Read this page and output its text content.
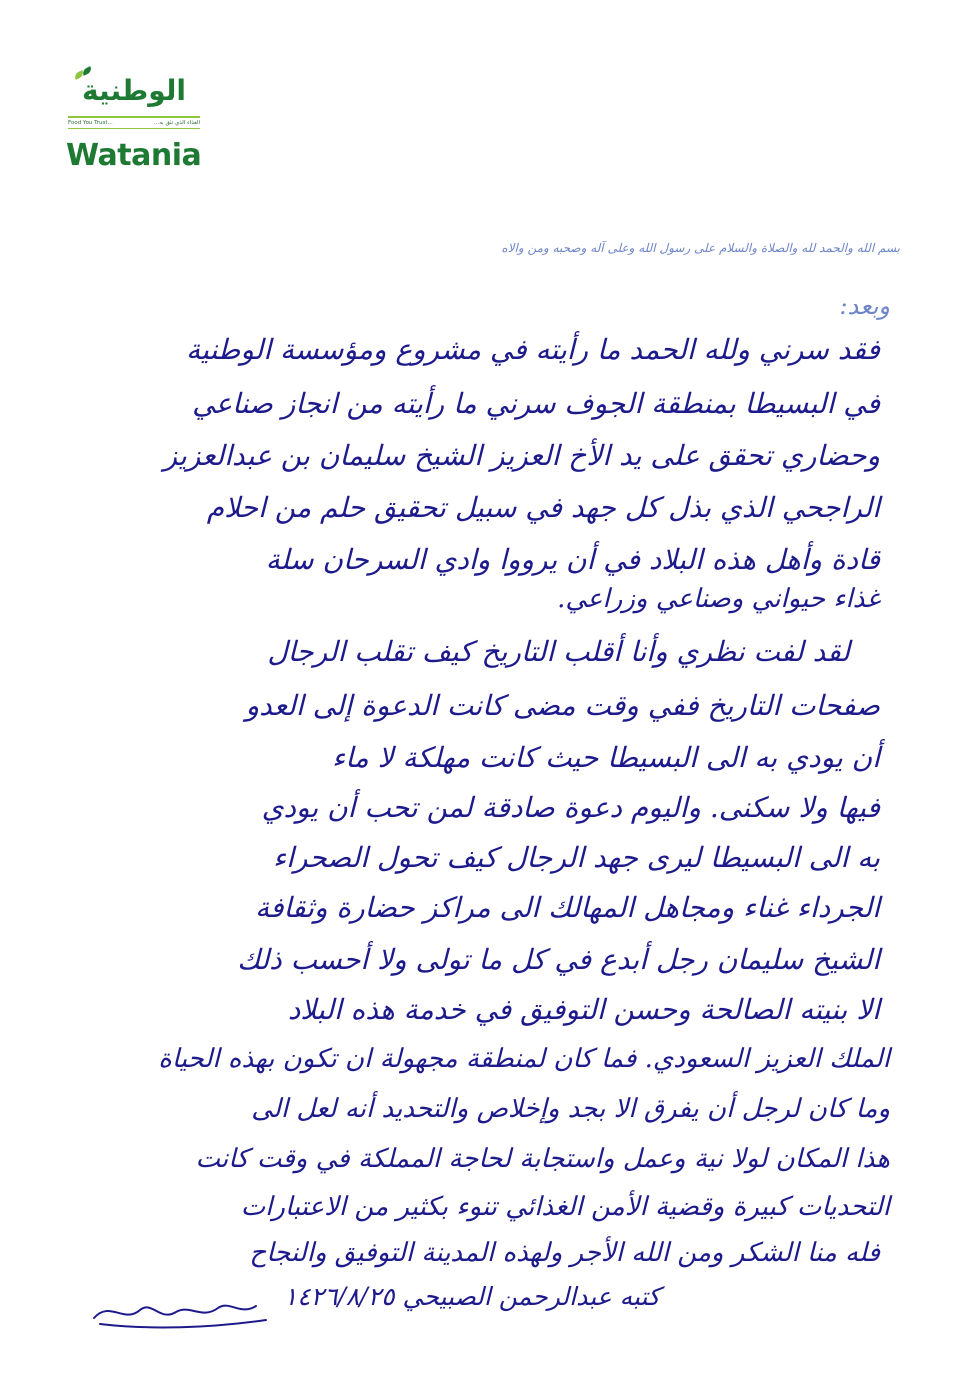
الوطنية
Food You Trust...	الغذاء الذي تثق به...
Watania
بسم الله والحمد لله والصلاة والسلام على رسول الله وعلى آله وصحبه ومن والاه
وبعد:
فقد سرني ولله الحمد ما رأيته في مشروع ومؤسسة الوطنية
في البسيطا بمنطقة الجوف سرني ما رأيته من انجاز صناعي
وحضاري تحقق على يد الأخ العزيز الشيخ سليمان بن عبدالعزيز
الراجحي الذي بذل كل جهد في سبيل تحقيق حلم من احلام
قادة وأهل هذه البلاد في أن يرووا وادي السرحان سلة
غذاء حيواني وصناعي وزراعي.
لقد لفت نظري وأنا أقلب التاريخ كيف تقلب الرجال
صفحات التاريخ ففي وقت مضى كانت الدعوة إلى العدو
أن يودي به الى البسيطا حيث كانت مهلكة لا ماء
فيها ولا سكنى. واليوم دعوة صادقة لمن تحب أن يودي
به الى البسيطا ليرى جهد الرجال كيف تحول الصحراء
الجرداء غناء ومجاهل المهالك الى مراكز حضارة وثقافة
الشيخ سليمان رجل أبدع في كل ما تولى ولا أحسب ذلك
الا بنيته الصالحة وحسن التوفيق في خدمة هذه البلاد
الملك العزيز السعودي. فما كان لمنطقة مجهولة ان تكون بهذه الحياة
وما كان لرجل أن يفرق الا بجد وإخلاص والتحديد أنه لعل الى
هذا المكان لولا نية وعمل واستجابة لحاجة المملكة في وقت كانت
التحديات كبيرة وقضية الأمن الغذائي تنوء بكثير من الاعتبارات
فله منا الشكر ومن الله الأجر ولهذه المدينة التوفيق والنجاح
كتبه عبدالرحمن الصبيحي ١٤٢٦/٨/٢٥
